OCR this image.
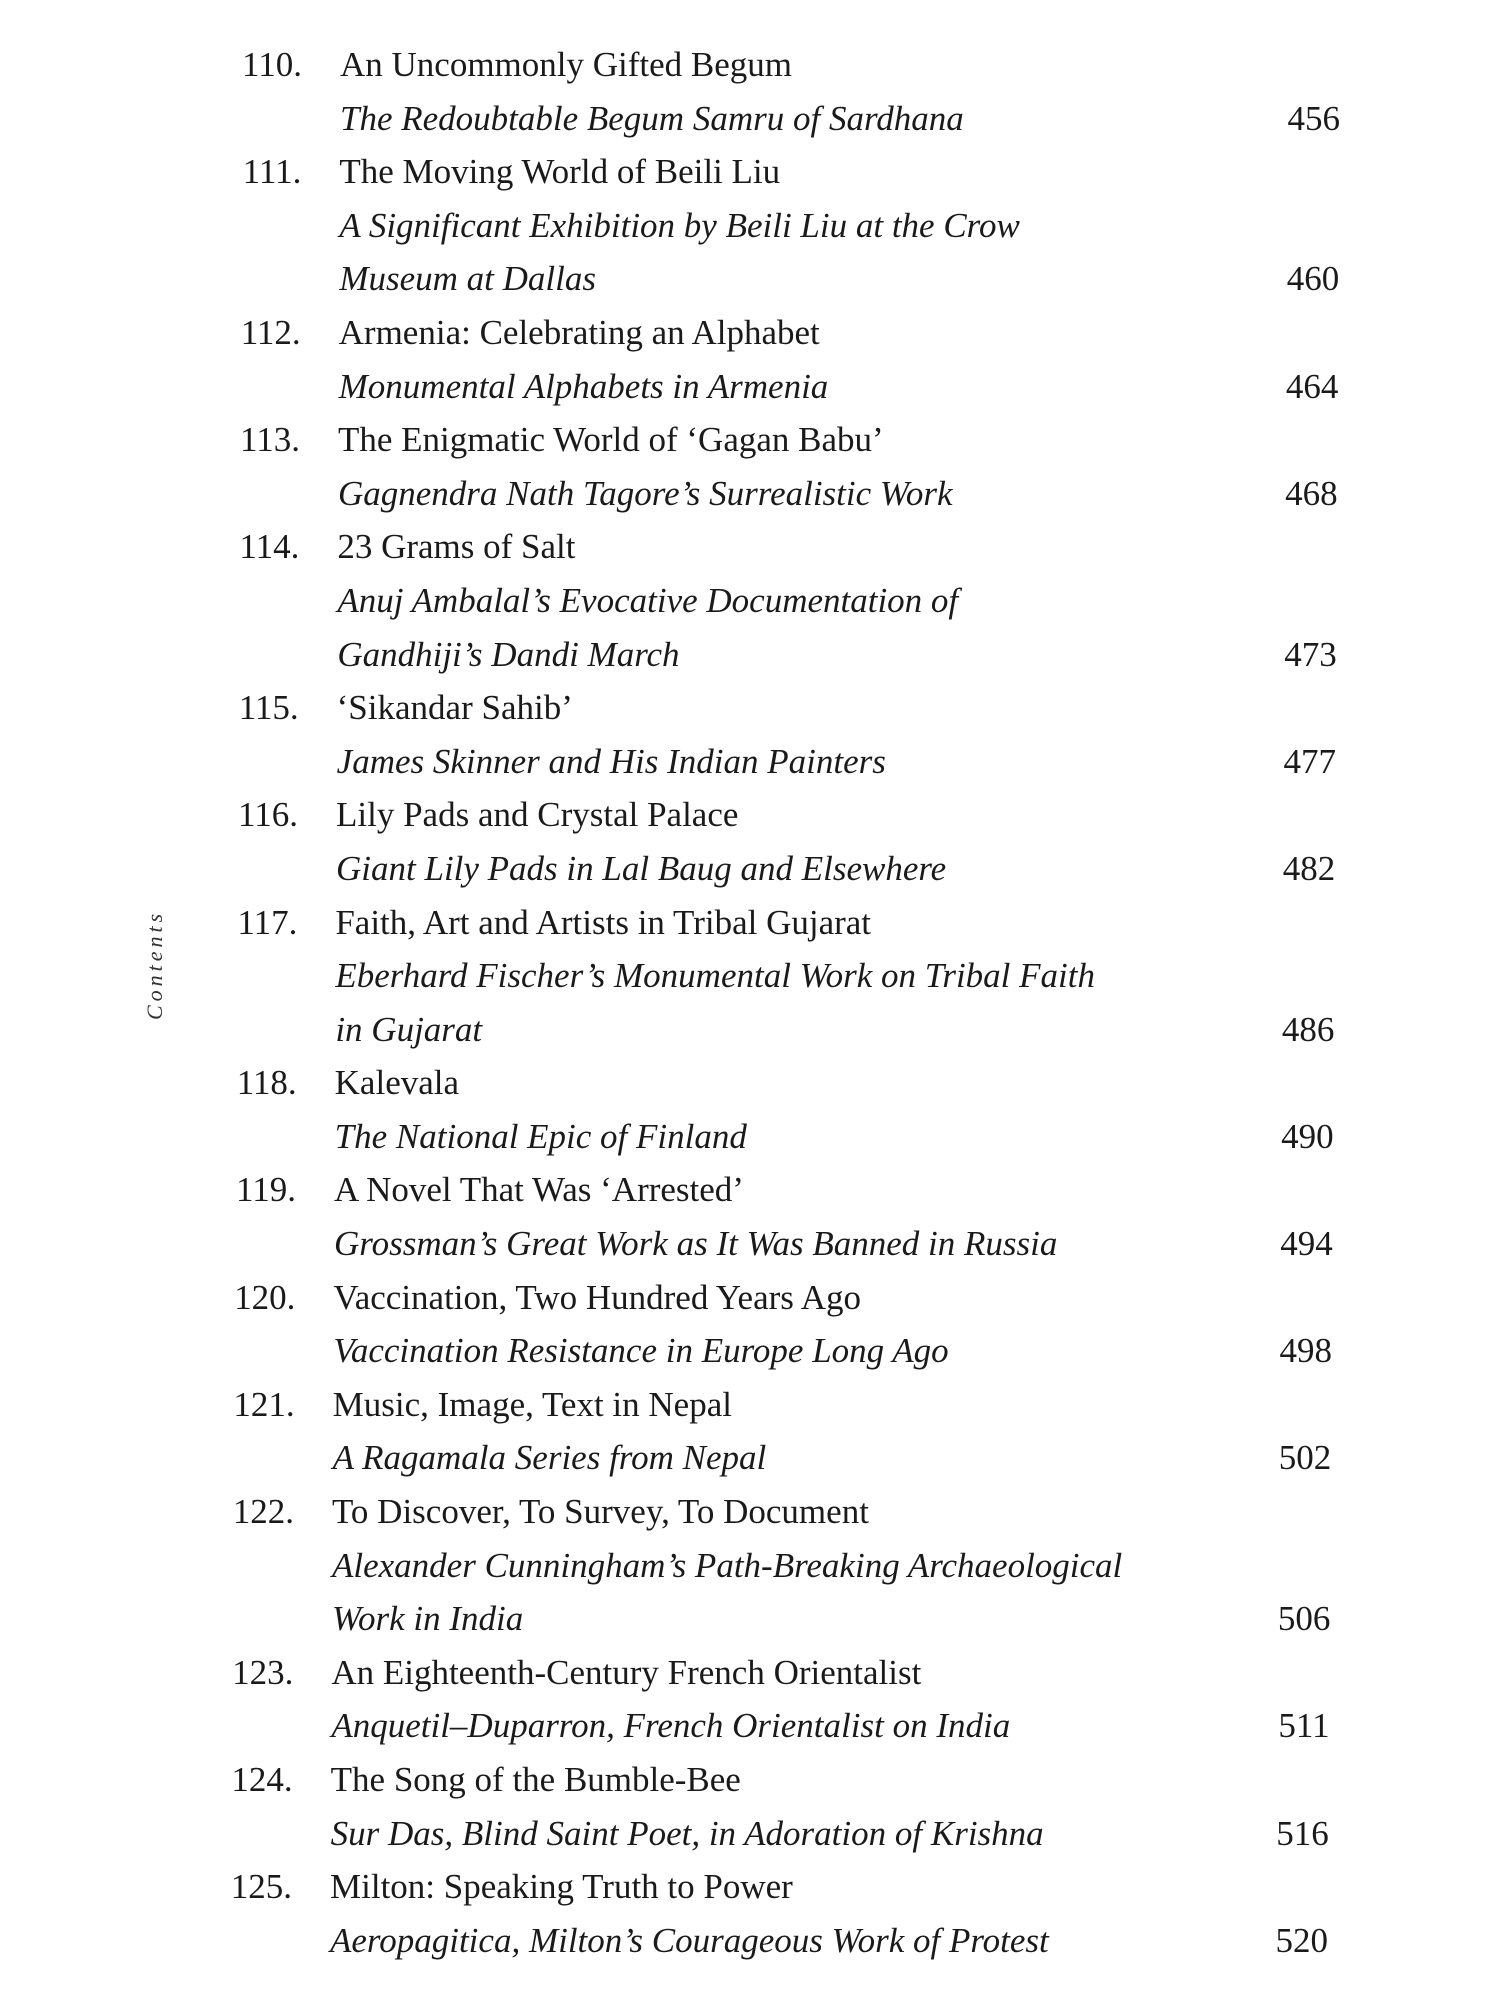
Contents
110. An Uncommonly Gifted Begum
The Redoubtable Begum Samru of Sardhana	456
111. The Moving World of Beili Liu
A Significant Exhibition by Beili Liu at the Crow
Museum at Dallas	460
112. Armenia: Celebrating an Alphabet
Monumental Alphabets in Armenia	464
113. The Enigmatic World of ‘Gagan Babu’
Gagnendra Nath Tagore’s Surrealistic Work	468
114. 23 Grams of Salt
Anuj Ambalal’s Evocative Documentation of
Gandhiji’s Dandi March	473
115. ‘Sikandar Sahib’
James Skinner and His Indian Painters	477
116. Lily Pads and Crystal Palace
Giant Lily Pads in Lal Baug and Elsewhere	482
117. Faith, Art and Artists in Tribal Gujarat
Eberhard Fischer’s Monumental Work on Tribal Faith
in Gujarat	486
118. Kalevala
The National Epic of Finland	490
119. A Novel That Was ‘Arrested’
Grossman’s Great Work as It Was Banned in Russia	494
120. Vaccination, Two Hundred Years Ago
Vaccination Resistance in Europe Long Ago	498
121. Music, Image, Text in Nepal
A Ragamala Series from Nepal	502
122. To Discover, To Survey, To Document
Alexander Cunningham’s Path-Breaking Archaeological
Work in India	506
123. An Eighteenth-Century French Orientalist
Anquetil–Duparron, French Orientalist on India	511
124. The Song of the Bumble-Bee
Sur Das, Blind Saint Poet, in Adoration of Krishna	516
125. Milton: Speaking Truth to Power
Aeropagitica, Milton’s Courageous Work of Protest	520
